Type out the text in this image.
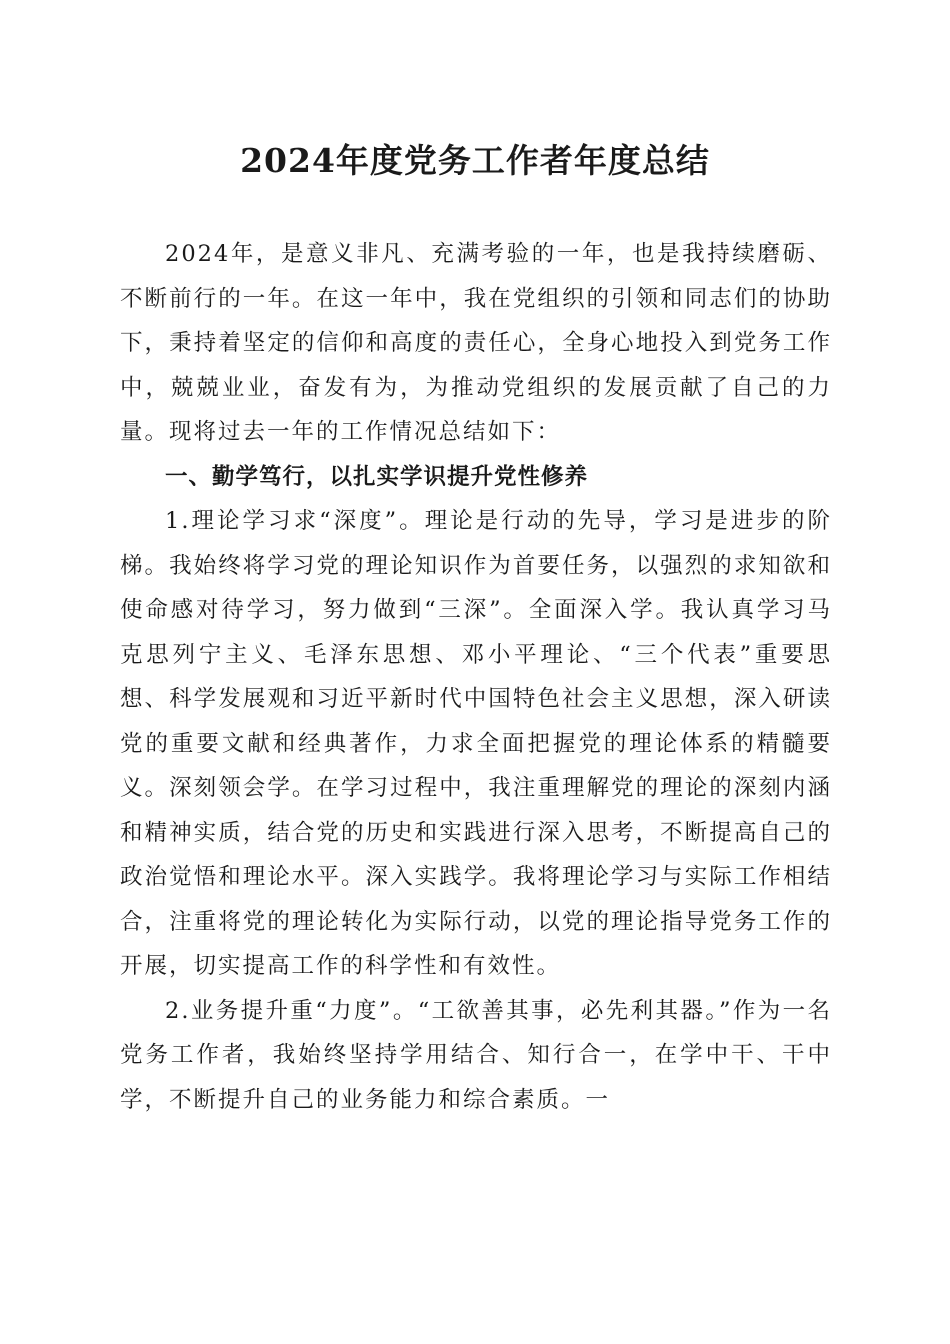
2024年度党务工作者年度总结

2024年，是意义非凡、充满考验的一年，也是我持续磨砺、不断前行的一年。在这一年中，我在党组织的引领和同志们的协助下，秉持着坚定的信仰和高度的责任心，全身心地投入到党务工作中，兢兢业业，奋发有为，为推动党组织的发展贡献了自己的力量。现将过去一年的工作情况总结如下：

一、勤学笃行，以扎实学识提升党性修养

1.理论学习求“深度”。理论是行动的先导，学习是进步的阶梯。我始终将学习党的理论知识作为首要任务，以强烈的求知欲和使命感对待学习，努力做到“三深”。全面深入学。我认真学习马克思列宁主义、毛泽东思想、邓小平理论、“三个代表”重要思想、科学发展观和习近平新时代中国特色社会主义思想，深入研读党的重要文献和经典著作，力求全面把握党的理论体系的精髓要义。深刻领会学。在学习过程中，我注重理解党的理论的深刻内涵和精神实质，结合党的历史和实践进行深入思考，不断提高自己的政治觉悟和理论水平。深入实践学。我将理论学习与实际工作相结合，注重将党的理论转化为实际行动，以党的理论指导党务工作的开展，切实提高工作的科学性和有效性。

2.业务提升重“力度”。“工欲善其事，必先利其器。”作为一名党务工作者，我始终坚持学用结合、知行合一，在学中干、干中学，不断提升自己的业务能力和综合素质。一
